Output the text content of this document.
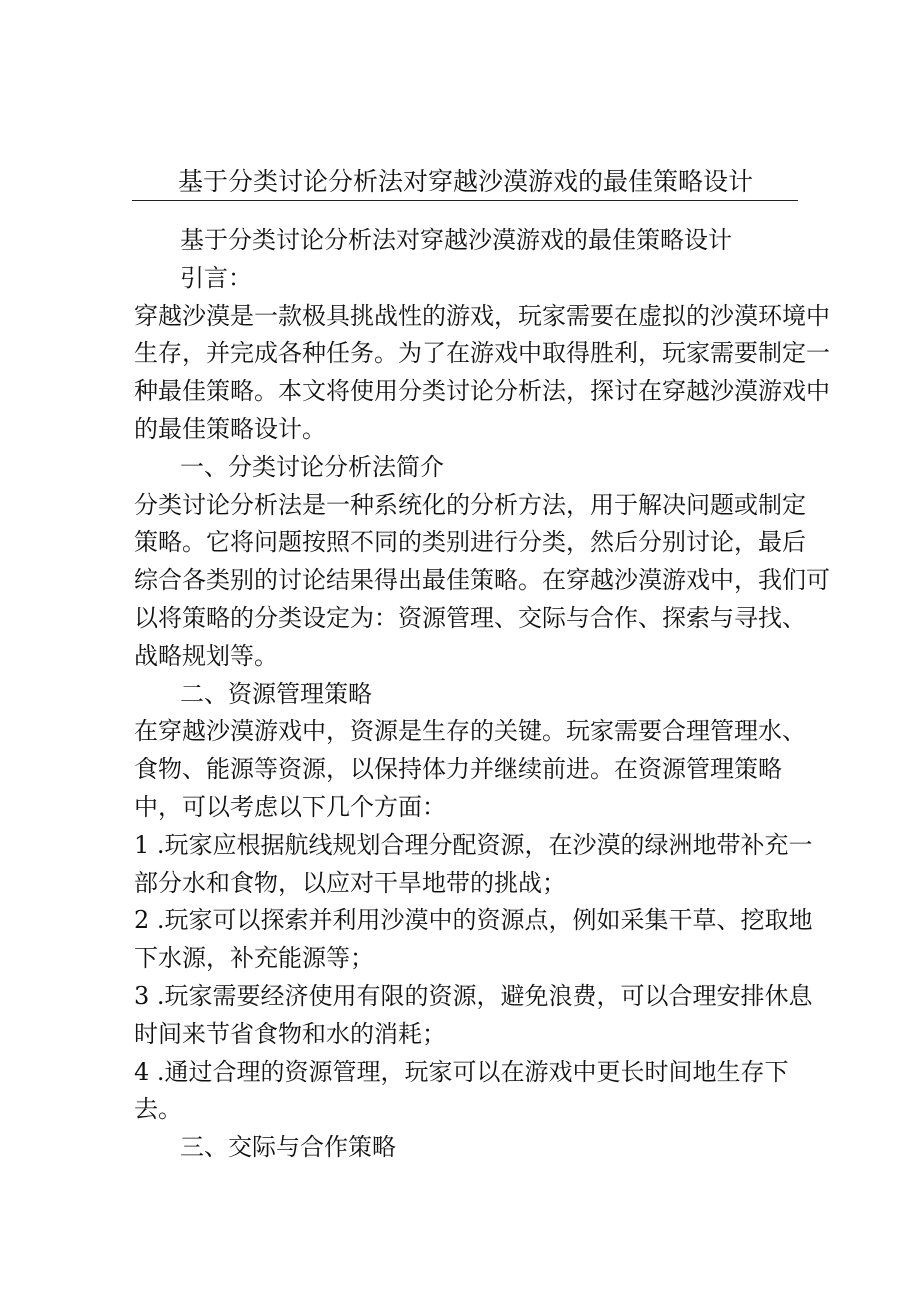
基于分类讨论分析法对穿越沙漠游戏的最佳策略设计
基于分类讨论分析法对穿越沙漠游戏的最佳策略设计
引言：
穿越沙漠是一款极具挑战性的游戏，玩家需要在虚拟的沙漠环境中
生存，并完成各种任务。为了在游戏中取得胜利，玩家需要制定一
种最佳策略。本文将使用分类讨论分析法，探讨在穿越沙漠游戏中
的最佳策略设计。
一、分类讨论分析法简介
分类讨论分析法是一种系统化的分析方法，用于解决问题或制定
策略。它将问题按照不同的类别进行分类，然后分别讨论，最后
综合各类别的讨论结果得出最佳策略。在穿越沙漠游戏中，我们可
以将策略的分类设定为：资源管理、交际与合作、探索与寻找、
战略规划等。
二、资源管理策略
在穿越沙漠游戏中，资源是生存的关键。玩家需要合理管理水、
食物、能源等资源，以保持体力并继续前进。在资源管理策略
中，可以考虑以下几个方面：
1 .玩家应根据航线规划合理分配资源，在沙漠的绿洲地带补充一
部分水和食物，以应对干旱地带的挑战；
2 .玩家可以探索并利用沙漠中的资源点，例如采集干草、挖取地
下水源，补充能源等；
3 .玩家需要经济使用有限的资源，避免浪费，可以合理安排休息
时间来节省食物和水的消耗；
4 .通过合理的资源管理，玩家可以在游戏中更长时间地生存下
去。
三、交际与合作策略
